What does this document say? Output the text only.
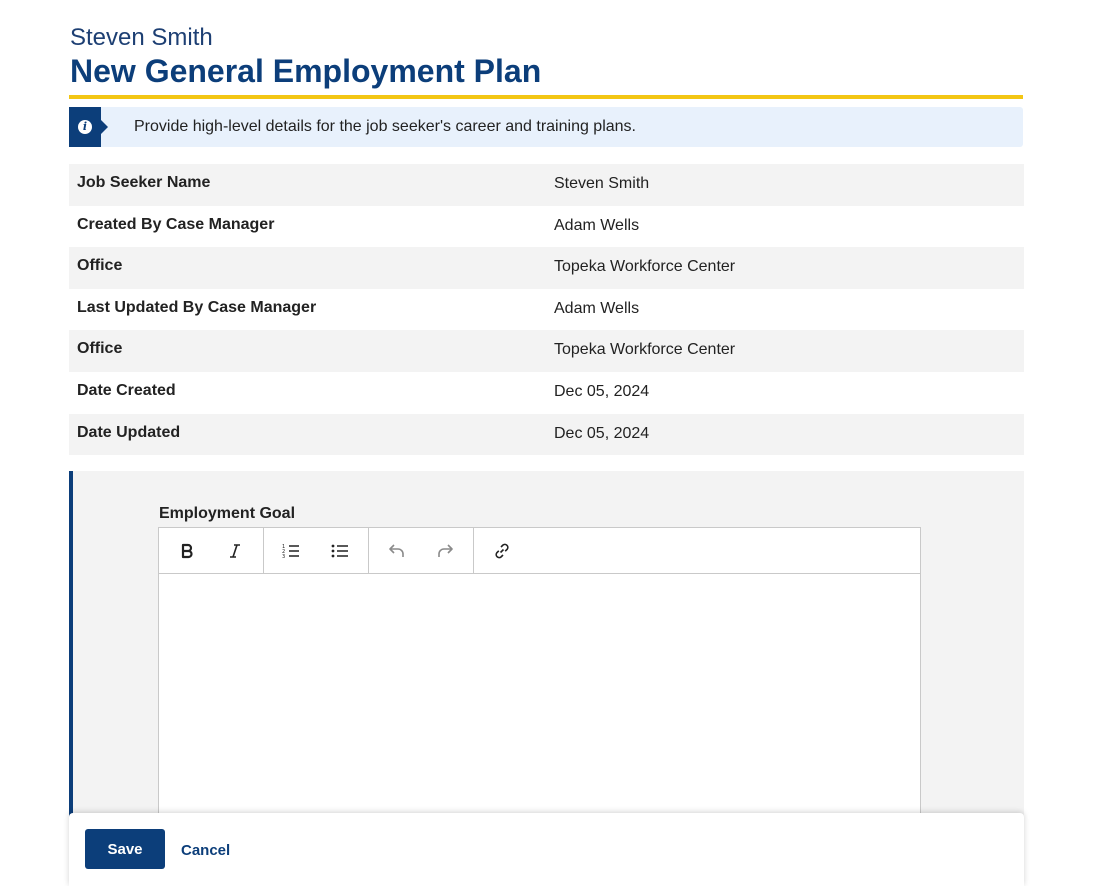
Steven Smith
New General Employment Plan
i	Provide high-level details for the job seeker's career and training plans.
Job Seeker Name	Steven Smith
Created By Case Manager	Adam Wells
Office	Topeka Workforce Center
Last Updated By Case Manager	Adam Wells
Office	Topeka Workforce Center
Date Created	Dec 05, 2024
Date Updated	Dec 05, 2024
Employment Goal
1
2
3
Save	Cancel
